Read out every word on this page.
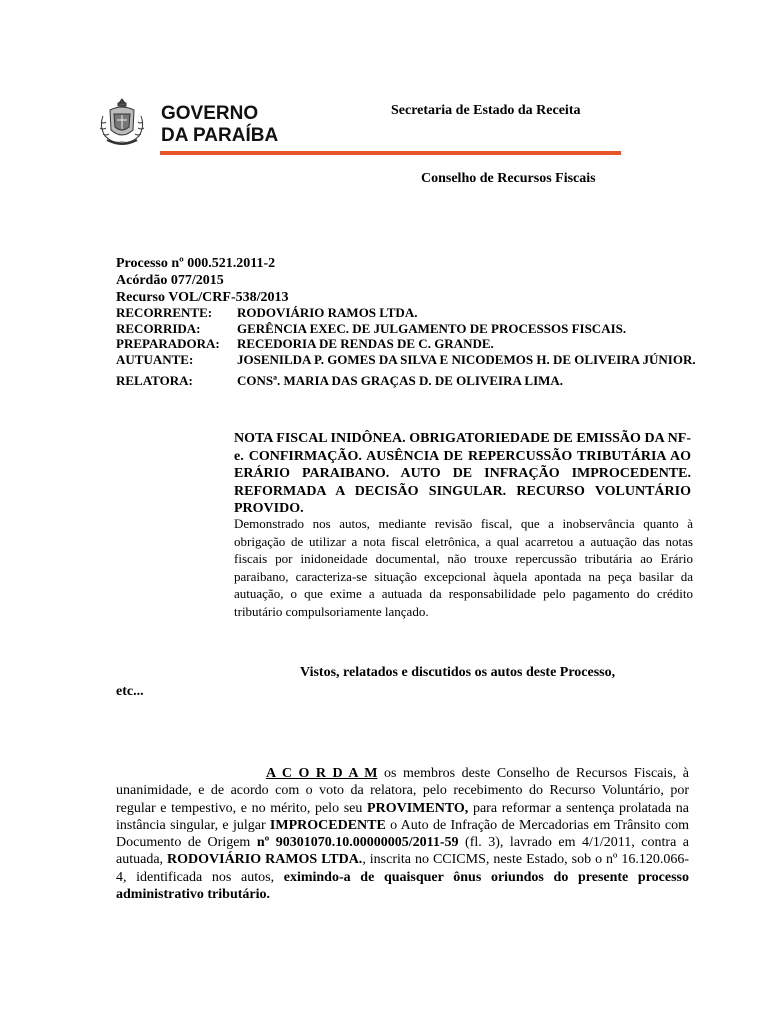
GOVERNO
DA PARAÍBA
Secretaria de Estado da Receita
Conselho de Recursos Fiscais
Processo nº 000.521.2011-2
Acórdão 077/2015
Recurso VOL/CRF-538/2013
RECORRENTE:	RODOVIÁRIO RAMOS LTDA.
RECORRIDA:	GERÊNCIA EXEC. DE JULGAMENTO DE PROCESSOS FISCAIS.
PREPARADORA:	RECEDORIA DE RENDAS DE C. GRANDE.
AUTUANTE:	JOSENILDA P. GOMES DA SILVA E NICODEMOS H. DE OLIVEIRA JÚNIOR.
RELATORA:	CONSª. MARIA DAS GRAÇAS D. DE OLIVEIRA LIMA.
NOTA FISCAL INIDÔNEA. OBRIGATORIEDADE DE EMISSÃO DA NF-e. CONFIRMAÇÃO. AUSÊNCIA DE REPERCUSSÃO TRIBUTÁRIA AO ERÁRIO PARAIBANO. AUTO DE INFRAÇÃO IMPROCEDENTE. REFORMADA A DECISÃO SINGULAR. RECURSO VOLUNTÁRIO PROVIDO.
Demonstrado nos autos, mediante revisão fiscal, que a inobservância quanto à obrigação de utilizar a nota fiscal eletrônica, a qual acarretou a autuação das notas fiscais por inidoneidade documental, não trouxe repercussão tributária ao Erário paraibano, caracteriza-se situação excepcional àquela apontada na peça basilar da autuação, o que exime a autuada da responsabilidade pelo pagamento do crédito tributário compulsoriamente lançado.
Vistos, relatados e discutidos os autos deste Processo,
etc...
A C O R D A M os membros deste Conselho de Recursos Fiscais, à unanimidade, e de acordo com o voto da relatora, pelo recebimento do Recurso Voluntário, por regular e tempestivo, e no mérito, pelo seu PROVIMENTO, para reformar a sentença prolatada na instância singular, e julgar IMPROCEDENTE o Auto de Infração de Mercadorias em Trânsito com Documento de Origem nº 90301070.10.00000005/2011-59 (fl. 3), lavrado em 4/1/2011, contra a autuada, RODOVIÁRIO RAMOS LTDA., inscrita no CCICMS, neste Estado, sob o nº 16.120.066-4, identificada nos autos, eximindo-a de quaisquer ônus oriundos do presente processo administrativo tributário.
